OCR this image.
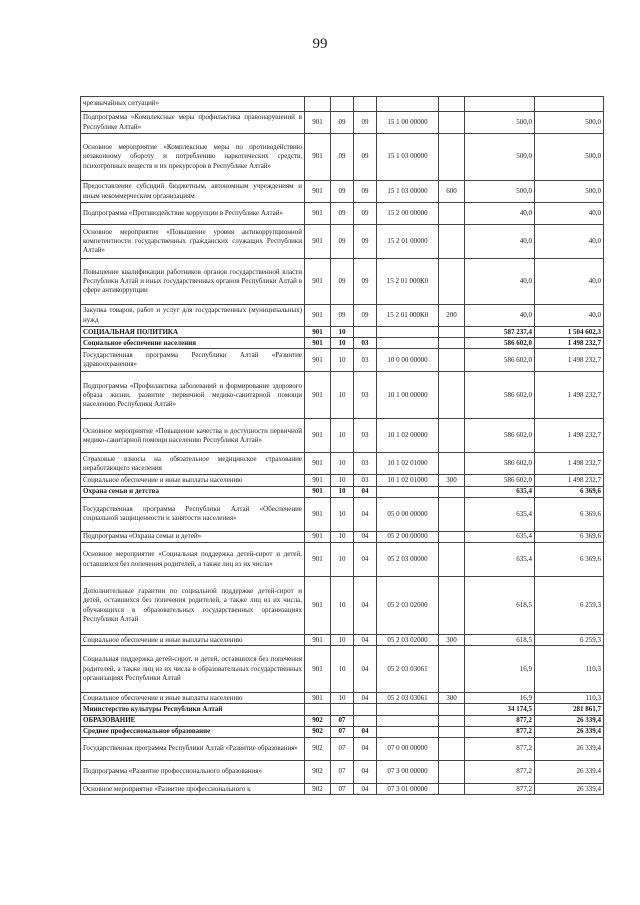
99
чрезвычайных ситуаций»							
Подпрограмма «Комплексные меры профилактика правонарушений в Республике Алтай»	901	09	09	15 1 00 00000		500,0	500,0
Основное мероприятие «Комплексные меры по противодействию незаконному обороту и потреблению наркотических средств, психотропных веществ и их прекурсоров в Республике Алтай»	901	09	09	15 1 03 00000		500,0	500,0
Предоставление субсидий бюджетным, автономным учреждениям и иным некоммерческим организациям	901	09	09	15 1 03 00000	600	500,0	500,0
Подпрограмма «Противодействие коррупции в Республике Алтай»	901	09	09	15 2 00 00000		40,0	40,0
Основное мероприятие «Повышение уровня антикоррупционной компетентности государственных гражданских служащих Республики Алтай»	901	09	09	15 2 01 00000		40,0	40,0
Повышение квалификации работников органов государственной власти Республики Алтай и иных государственных органов Республики Алтай в сфере антикоррупции	901	09	09	15 2 01 000К0		40,0	40,0
Закупка товаров, работ и услуг для государственных (муниципальных) нужд	901	09	09	15 2 01 000К0	200	40,0	40,0
СОЦИАЛЬНАЯ ПОЛИТИКА	901	10				587 237,4	1 504 602,3
Социальное обеспечение населения	901	10	03			586 602,0	1 498 232,7
Государственная программа Республики Алтай «Развитие здравоохранения»	901	10	03	10 0 00 00000		586 602,0	1 498 232,7
Подпрограмма «Профилактика заболеваний и формирование здорового образа жизни, развитие первичной медико-санитарной помощи населению Республики Алтай»	901	10	03	10 1 00 00000		586 602,0	1 498 232,7
Основное мероприятие «Повышение качества и доступности первичной медико-санитарной помощи населению Республики Алтай»	901	10	03	10 1 02 00000		586 602,0	1 498 232,7
Страховые взносы на обязательное медицинское страхование неработающего населения	901	10	03	10 1 02 01000		586 602,0	1 498 232,7
Социальное обеспечение и иные выплаты населению	901	10	03	10 1 02 01000	300	586 602,0	1 498 232,7
Охрана семьи и детства	901	10	04			635,4	6 369,6
Государственная программа Республики Алтай «Обеспечение социальной защищенности и занятости населения»	901	10	04	05 0 00 00000		635,4	6 369,6
Подпрограмма «Охрана семьи и детей»	901	10	04	05 2 00 00000		635,4	6 369,6
Основное мероприятие «Социальная поддержка детей-сирот и детей, оставшихся без попечения родителей, а также лиц из их числа»	901	10	04	05 2 03 00000		635,4	6 369,6
Дополнительные гарантии по социальной поддержке детей-сирот и детей, оставшихся без попечения родителей, а также лиц из их числа, обучающихся в образовательных государственных организациях Республики Алтай	901	10	04	05 2 03 02000		618,5	6 259,3
Социальное обеспечение и иные выплаты населению	901	10	04	05 2 03 02000	300	618,5	6 259,3
Социальная поддержка детей-сирот, и детей, оставшихся без попечения родителей, а также лиц из их числа в образовательных государственных организациях Республики Алтай	901	10	04	05 2 03 03061		16,9	110,3
Социальное обеспечение и иные выплаты населению	901	10	04	05 2 03 03061	300	16,9	110,3
Министерство культуры Республики Алтай						34 174,5	281 861,7
ОБРАЗОВАНИЕ	902	07				877,2	26 339,4
Среднее профессиональное образование	902	07	04			877,2	26 339,4
Государственная программа Республики Алтай «Развитие образования»	902	07	04	07 0 00 00000		877,2	26 339,4
Подпрограмма «Развитие профессионального образования»	902	07	04	07 3 00 00000		877,2	26 339,4
Основное мероприятие «Развитие профессионального к	902	07	04	07 3 01 00000		877,2	26 339,4
